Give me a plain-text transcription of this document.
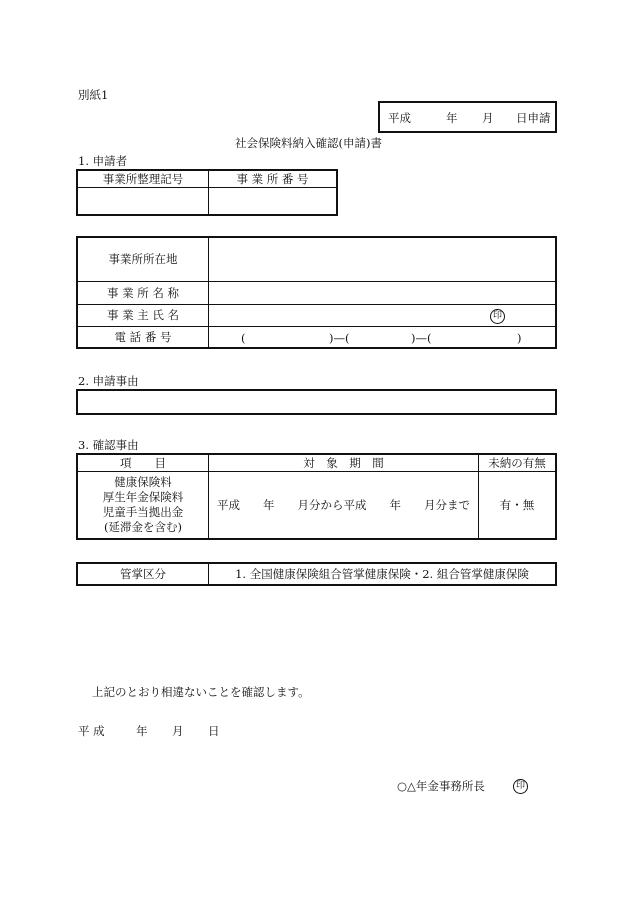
別紙1
平成	年 月 日申請
社会保険料納入確認(申請)書
1. 申請者
事業所整理記号	事 業 所 番 号

事業所所在地	
事 業 所 名 称	
事 業 主 氏 名	印
電 話 番 号	( )—( )—( )
2. 申請事由
3. 確認事由
項　　目	対　象　期　間	未納の有無

健康保険料
厚生年金保険料
児童手当拠出金
(延滞金を含む)	平成　　年　　月分から平成　　年　　月分まで	有・無
管掌区分	1. 全国健康保険組合管掌健康保険・2. 組合管掌健康保険
上記のとおり相違ないことを確認します。
平 成	年 月 日
○△年金事務所長	印
